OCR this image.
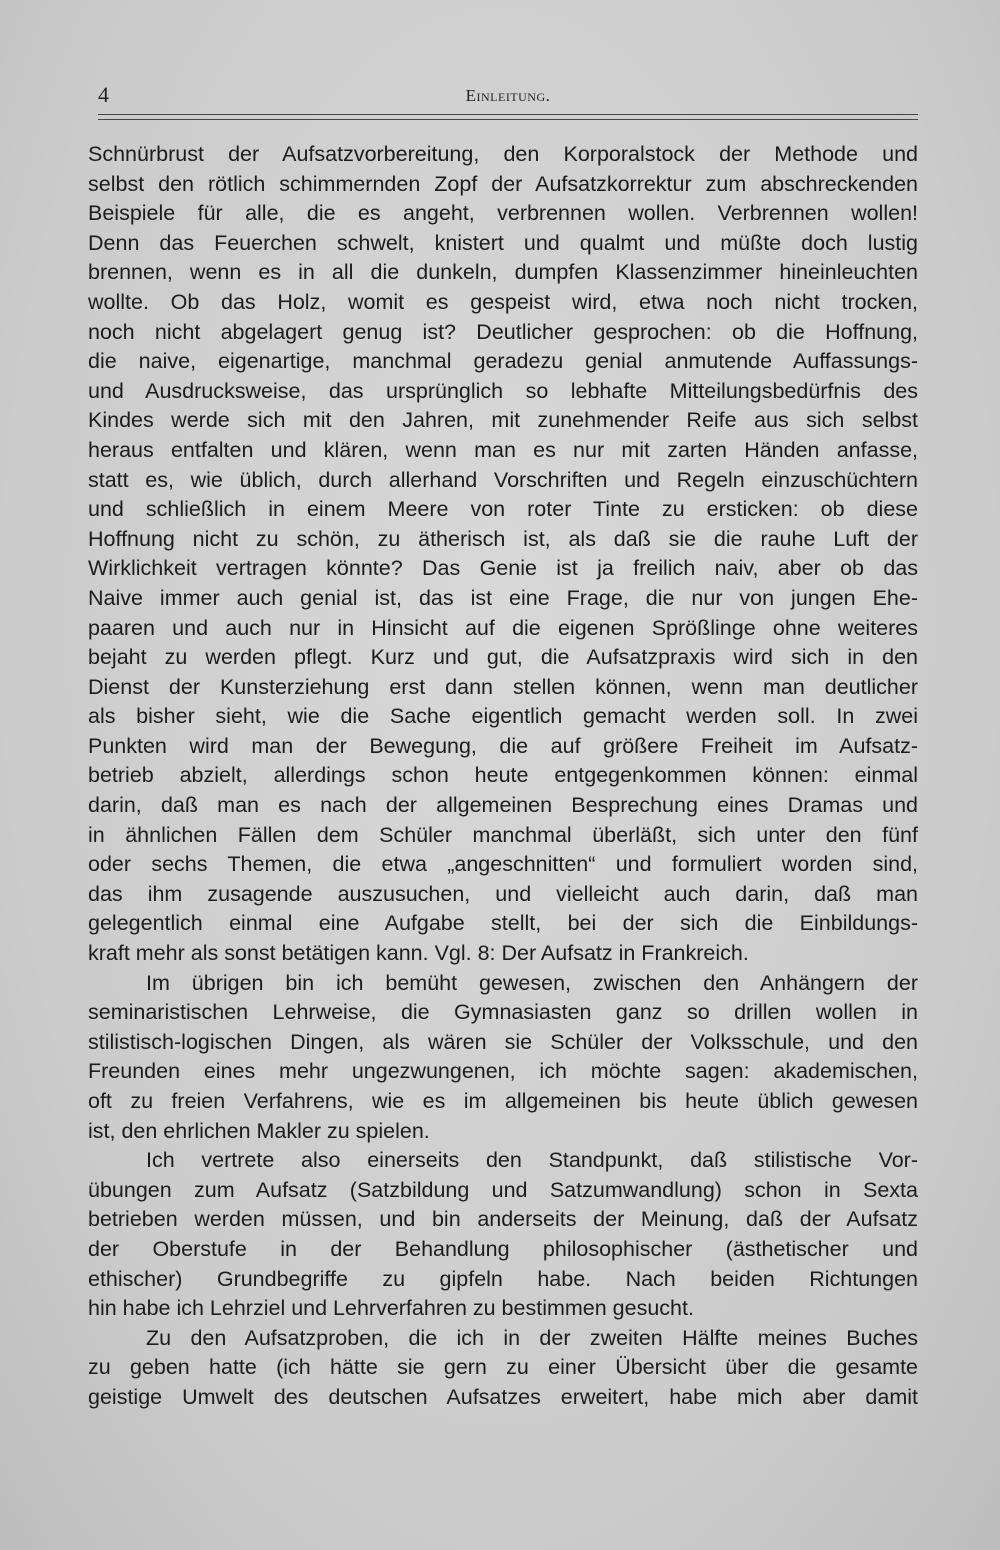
4	Einleitung.
Schnürbrust der Aufsatzvorbereitung, den Korporalstock der Methode und
selbst den rötlich schimmernden Zopf der Aufsatzkorrektur zum abschreckenden
Beispiele für alle, die es angeht, verbrennen wollen. Verbrennen wollen!
Denn das Feuerchen schwelt, knistert und qualmt und müßte doch lustig
brennen, wenn es in all die dunkeln, dumpfen Klassenzimmer hineinleuchten
wollte. Ob das Holz, womit es gespeist wird, etwa noch nicht trocken,
noch nicht abgelagert genug ist? Deutlicher gesprochen: ob die Hoffnung,
die naive, eigenartige, manchmal geradezu genial anmutende Auffassungs-
und Ausdrucksweise, das ursprünglich so lebhafte Mitteilungsbedürfnis des
Kindes werde sich mit den Jahren, mit zunehmender Reife aus sich selbst
heraus entfalten und klären, wenn man es nur mit zarten Händen anfasse,
statt es, wie üblich, durch allerhand Vorschriften und Regeln einzuschüchtern
und schließlich in einem Meere von roter Tinte zu ersticken: ob diese
Hoffnung nicht zu schön, zu ätherisch ist, als daß sie die rauhe Luft der
Wirklichkeit vertragen könnte? Das Genie ist ja freilich naiv, aber ob das
Naive immer auch genial ist, das ist eine Frage, die nur von jungen Ehe-
paaren und auch nur in Hinsicht auf die eigenen Sprößlinge ohne weiteres
bejaht zu werden pflegt. Kurz und gut, die Aufsatzpraxis wird sich in den
Dienst der Kunsterziehung erst dann stellen können, wenn man deutlicher
als bisher sieht, wie die Sache eigentlich gemacht werden soll. In zwei
Punkten wird man der Bewegung, die auf größere Freiheit im Aufsatz-
betrieb abzielt, allerdings schon heute entgegenkommen können: einmal
darin, daß man es nach der allgemeinen Besprechung eines Dramas und
in ähnlichen Fällen dem Schüler manchmal überläßt, sich unter den fünf
oder sechs Themen, die etwa „angeschnitten“ und formuliert worden sind,
das ihm zusagende auszusuchen, und vielleicht auch darin, daß man
gelegentlich einmal eine Aufgabe stellt, bei der sich die Einbildungs-
kraft mehr als sonst betätigen kann. Vgl. 8: Der Aufsatz in Frankreich.
Im übrigen bin ich bemüht gewesen, zwischen den Anhängern der
seminaristischen Lehrweise, die Gymnasiasten ganz so drillen wollen in
stilistisch-logischen Dingen, als wären sie Schüler der Volksschule, und den
Freunden eines mehr ungezwungenen, ich möchte sagen: akademischen,
oft zu freien Verfahrens, wie es im allgemeinen bis heute üblich gewesen
ist, den ehrlichen Makler zu spielen.
Ich vertrete also einerseits den Standpunkt, daß stilistische Vor-
übungen zum Aufsatz (Satzbildung und Satzumwandlung) schon in Sexta
betrieben werden müssen, und bin anderseits der Meinung, daß der Aufsatz
der Oberstufe in der Behandlung philosophischer (ästhetischer und
ethischer) Grundbegriffe zu gipfeln habe. Nach beiden Richtungen
hin habe ich Lehrziel und Lehrverfahren zu bestimmen gesucht.
Zu den Aufsatzproben, die ich in der zweiten Hälfte meines Buches
zu geben hatte (ich hätte sie gern zu einer Übersicht über die gesamte
geistige Umwelt des deutschen Aufsatzes erweitert, habe mich aber damit
